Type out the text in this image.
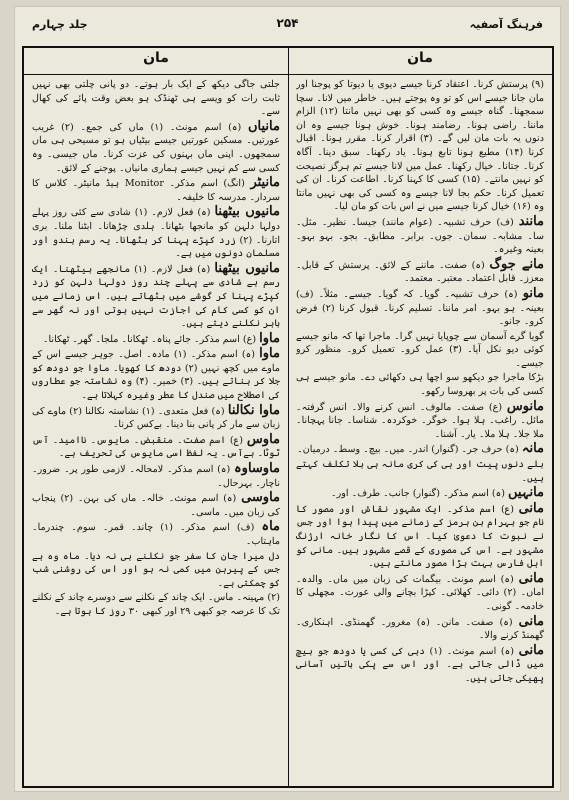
فرہنگ آصفیہ
۲۵۴
جلد چہارم
مان
مان

(۹) پرستش کرنا۔ اعتقاد کرنا جیسے دیوی یا دیوتا کو پوجنا اور مان جانا جیسے اس کو تو وہ پوجتے ہیں۔ خاطر میں لانا۔ سچا سمجھنا۔ گناہ جیسے وہ کسی کو بھی نہیں مانتا (۱۲) الزام ماننا۔ راضی ہونا۔ رضامند ہونا۔ خوش ہونا جیسے وہ ان دنوں یہ بات مان لیں گے۔ (۳) اقرار کرنا۔ مقرر ہونا۔ اقبال کرنا (۱۴) مطیع ہونا تابع ہونا۔ یاد رکھنا۔ سبق دینا۔ آگاہ کرنا۔ جتانا۔ خیال رکھنا۔ عمل میں لانا جیسے تم ہرگز نصیحت کو نہیں مانتے۔ (۱۵) کسی کا کہنا کرنا۔ اطاعت کرنا۔ ان کی تعمیل کرنا۔ حکم بجا لانا جیسے وہ کسی کی بھی نہیں مانتا وہ (۱۶) خیال کرنا جیسے میں نے اس بات کو مان لیا۔

مانند (ف) حرف تشبیہ۔ (عوام مانند) جیسا۔ نظیر۔ مثل۔ سا۔ مشابہ۔ سمان۔ جوں۔ برابر۔ مطابق۔ بجو۔ بہو بہو۔ بعینہ وغیرہ۔

مانے جوگ (ہ) صفت۔ ماننے کے لائق۔ پرستش کے قابل۔ معزز۔ قابل اعتماد۔ معتبر۔ معتمد۔

مانو (ہ) حرف تشبیہ۔ گویا۔ کہ گویا۔ جیسے۔ مثلاً۔ (ف) بعینہ۔ ہو بہو۔ امر ماننا۔ تسلیم کرنا۔ قبول کرنا (۲) فرض کرو۔ جانو۔

گویا گرے آسمان سے چوپایا نہیں گرا۔ ماجرا تھا کہ مانو جیسے کوئی دیو نکل آیا۔ (۳) عمل کرو۔ تعمیل کرو۔ منظور کرو جیسے۔

بڑکا ماجرا جو دیکھو سو اچھا ہی دکھائی دے۔ مانو جیسے ہی کسی کی بات پر بھروسا رکھو۔

مانوس (ع) صفت۔ مالوف۔ انس کرنے والا۔ انس گرفتہ۔ مائل۔ راغب۔ ہلا ہوا۔ خوگر۔ خوکردہ۔ شناسا۔ جانا پہچانا۔ ملا جلا۔ ہلا ملا۔ یار۔ آشنا۔

مانہ (ہ) حرف جر۔ (گنوار) اندر۔ میں۔ بیچ۔ وسط۔ درمیان۔

بلے دنوں پیت اور ہی کی کری مانہ ہی بلا تکلف کہتے ہیں۔

مانہیں (ہ) اسم مذکر۔ (گنوار) جانب۔ طرف۔ اور۔

مانی (ع) اسم مذکر۔ ایک مشہور نقاش اور مصور کا نام جو بہرام بن ہرمز کے زمانے میں پیدا ہوا اور جس نے نبوت کا دعویٰ کیا۔ اس کا نگار خانہ ارژنگ مشہور ہے۔ اس کی مصوری کے قصے مشہور ہیں۔ مانی کو اہل فارس بہت بڑا مصور مانتے ہیں۔

مانی (ہ) اسم مونث۔ بیگمات کی زبان میں ماں۔ والدہ۔ اماں۔ (۲) دائی۔ کھلائی۔ کپڑا بچانے والی عورت۔ مچھلی کا خادمہ۔ گونی۔

مانی (ہ) صفت۔ مانن۔ (ہ) مغرور۔ گھمنڈی۔ اہنکاری۔ گھمنڈ کرنے والا۔

مانی (ہ) اسم مونث۔ (۱) دہی کی کسی یا دودھ جو بیچ میں ڈالی جاتی ہے۔ اور اس سے پکی باتیں آسانی پھیکی جاتی ہیں۔

جلتی جاگی دیکھ کے ایک بار ہوتے۔ دو پانی چلتی بھی نہیں ثابت رات کو ویسے ہی ٹھنڈک ہو بعض وقت پائے کی کھال سے۔

مانیاں (ہ) اسم مونث۔ (۱) ماں کی جمع۔ (۲) غریب عورتیں۔ مسکین عورتیں جیسے بیٹیاں ہو تو مسیحی ہی ماں سمجھوں۔ اپنی ماں بہنوں کی عزت کرنا۔ ماں جیسی۔ وہ کسی سے کم نہیں جیسے ہماری مانیاں۔ پوجنے کے لائق۔

مانیٹر (انگ) اسم مذکر۔ Monitor ہیڈ مانیٹر۔ کلاس کا سردار۔ مدرسہ کا خلیفہ۔

مانیوں بیٹھنا (ہ) فعل لازم۔ (۱) شادی سے کئی روز پہلے دولہا دلہن کو مانجھا بٹھانا۔ ہلدی چڑھانا۔ ابٹنا ملنا۔ بری اتارنا۔ (۲) زرد کپڑے پہنا کر بٹھانا۔ یہ رسم ہندو اور مسلمان دونوں میں ہے۔

مانیوں بیٹھنا (ہ) فعل لازم۔ (۱) مانجھے بیٹھنا۔ ایک رسم ہے شادی سے پہلے چند روز دولہا دلہن کو زرد کپڑے پہنا کر گوشے میں بٹھاتے ہیں۔ اس زمانے میں ان کو کسی کام کی اجازت نہیں ہوتی اور نہ گھر سے باہر نکلنے دیتے ہیں۔

ماوا (ع) اسم مذکر۔ جائے پناہ۔ ٹھکانا۔ ملجا۔ گھر۔ ٹھکانا۔

ماوا (ہ) اسم مذکر۔ (۱) مادہ۔ اصل۔ جوہر جیسے اس کے ماوے میں کچھ نہیں (۲) دودھ کا کھویا۔ ماوا جو دودھ کو جلا کر بناتے ہیں۔ (۳) خمیر۔ (۴) وہ نشاستہ جو عطاروں کی اصطلاح میں صندل کا عطر وغیرہ کہلاتا ہے۔

ماوا نکالنا (ہ) فعل متعدی۔ (۱) نشاستہ نکالنا (۲) ماوے کی زبان سے مار کر پانی بنا دینا۔ بےکس کرنا۔

ماوس (ع) اسم صفت۔ منقبض۔ مایوس۔ ناامید۔ آس ٹوٹا۔ بےآس۔ یہ لفظ اسی مایوس کی تحریف ہے۔

ماوساوہ (ہ) اسم مذکر۔ لامحالہ۔ لازمی طور پر۔ ضرور۔ ناچار۔ بہرحال۔

ماوسی (ہ) اسم مونث۔ خالہ۔ ماں کی بہن۔ (۲) پنجاب کی زبان میں۔ ماسی۔

ماہ (ف) اسم مذکر۔ (۱) چاند۔ قمر۔ سوم۔ چندرما۔ ماہتاب۔

دل میرا جان کا سفر جو نکلنے ہی نہ دیا۔ ماہ وہ ہے جس کے پیرہن میں کمی نہ ہو اور اس کی روشنی شب کو چمکتی ہے۔

(۲) مہینہ۔ ماس۔ ایک چاند کے نکلنے سے دوسرے چاند کے نکلنے تک کا عرصہ جو کبھی ۲۹ اور کبھی ۳۰ روز کا ہوتا ہے۔
